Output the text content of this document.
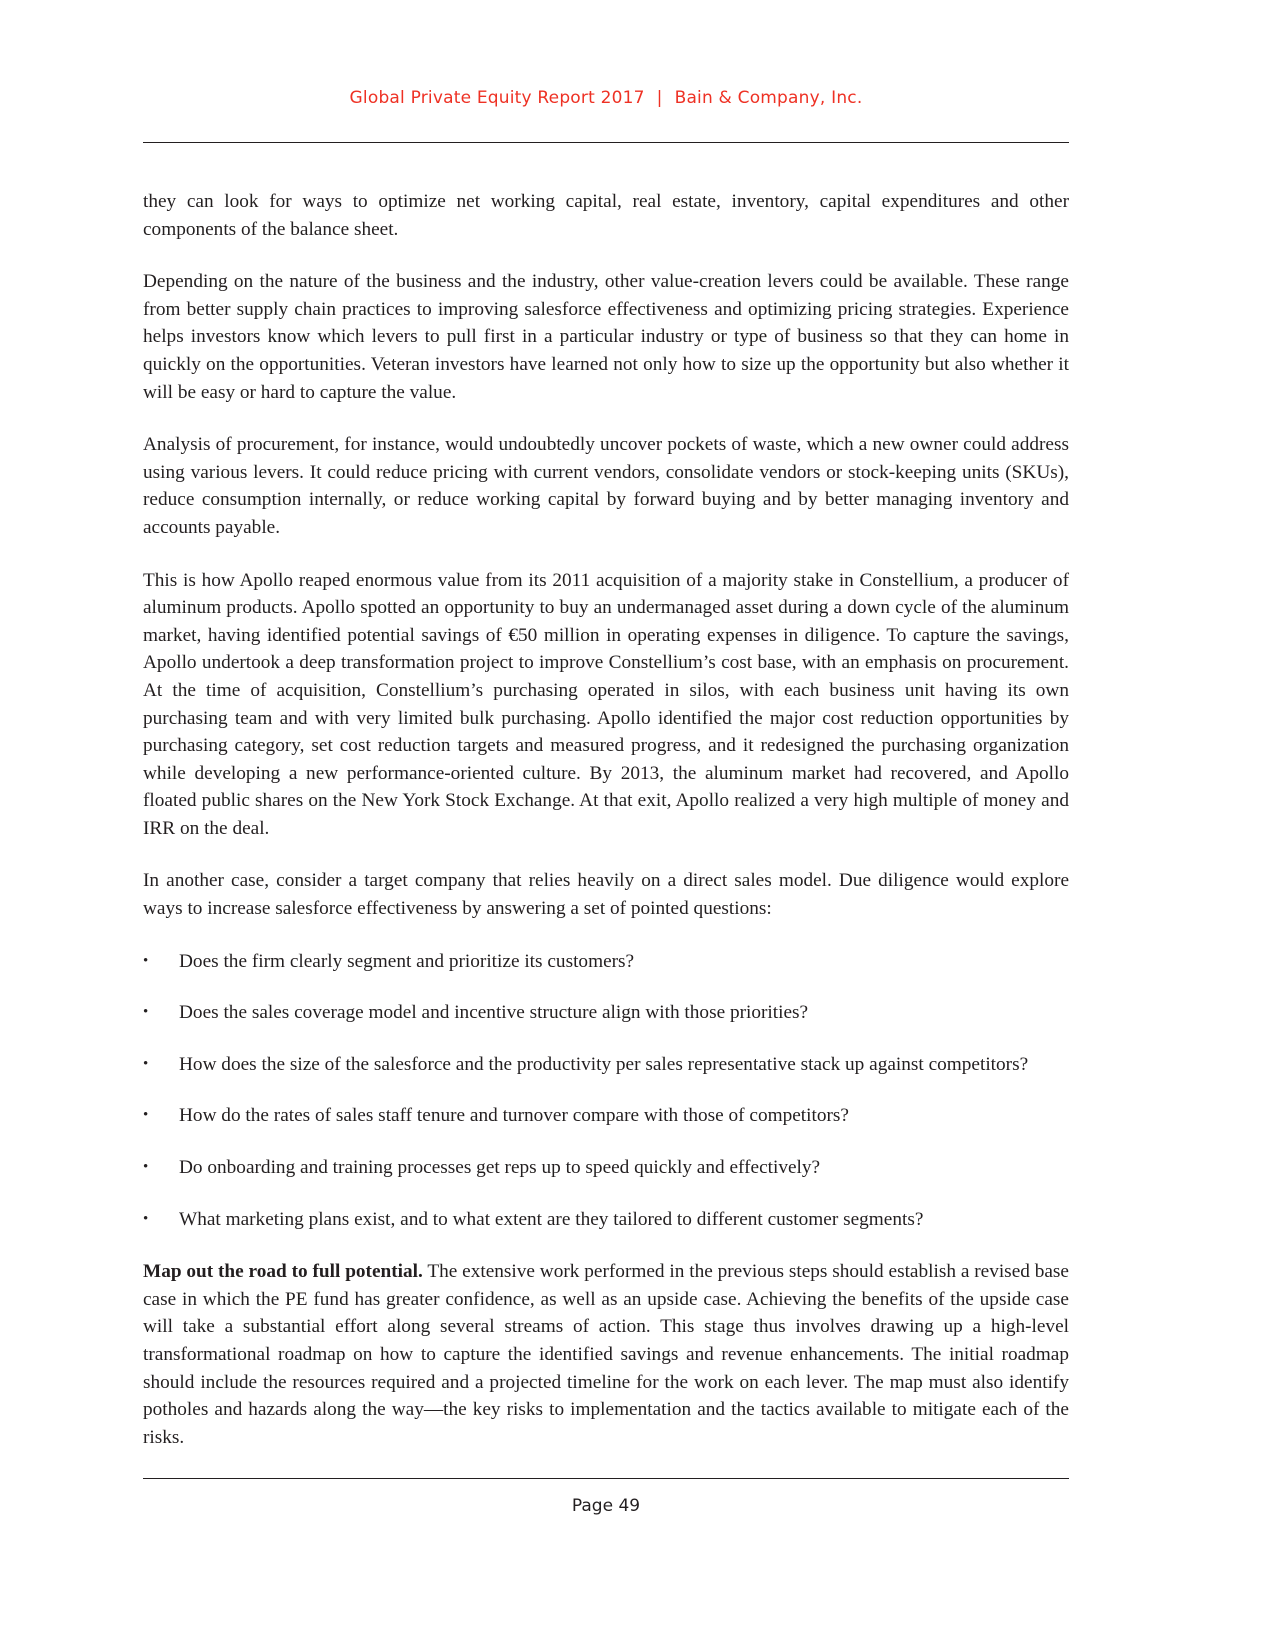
Global Private Equity Report 2017 | Bain & Company, Inc.

they can look for ways to optimize net working capital, real estate, inventory, capital expenditures and other components of the balance sheet.

Depending on the nature of the business and the industry, other value-creation levers could be available. These range from better supply chain practices to improving salesforce effectiveness and optimizing pricing strategies. Experience helps investors know which levers to pull first in a particular industry or type of business so that they can home in quickly on the opportunities. Veteran investors have learned not only how to size up the opportunity but also whether it will be easy or hard to capture the value.

Analysis of procurement, for instance, would undoubtedly uncover pockets of waste, which a new owner could address using various levers. It could reduce pricing with current vendors, consolidate vendors or stock-keeping units (SKUs), reduce consumption internally, or reduce working capital by forward buying and by better managing inventory and accounts payable.

This is how Apollo reaped enormous value from its 2011 acquisition of a majority stake in Constellium, a producer of aluminum products. Apollo spotted an opportunity to buy an undermanaged asset during a down cycle of the aluminum market, having identified potential savings of €50 million in operating expenses in diligence. To capture the savings, Apollo undertook a deep transformation project to improve Constellium’s cost base, with an emphasis on procurement. At the time of acquisition, Constellium’s purchasing operated in silos, with each business unit having its own purchasing team and with very limited bulk purchasing. Apollo identified the major cost reduction opportunities by purchasing category, set cost reduction targets and measured progress, and it redesigned the purchasing organization while developing a new performance-oriented culture. By 2013, the aluminum market had recovered, and Apollo floated public shares on the New York Stock Exchange. At that exit, Apollo realized a very high multiple of money and IRR on the deal.

In another case, consider a target company that relies heavily on a direct sales model. Due diligence would explore ways to increase salesforce effectiveness by answering a set of pointed questions:

• Does the firm clearly segment and prioritize its customers?
• Does the sales coverage model and incentive structure align with those priorities?
• How does the size of the salesforce and the productivity per sales representative stack up against competitors?
• How do the rates of sales staff tenure and turnover compare with those of competitors?
• Do onboarding and training processes get reps up to speed quickly and effectively?
• What marketing plans exist, and to what extent are they tailored to different customer segments?

Map out the road to full potential. The extensive work performed in the previous steps should establish a revised base case in which the PE fund has greater confidence, as well as an upside case. Achieving the benefits of the upside case will take a substantial effort along several streams of action. This stage thus involves drawing up a high-level transformational roadmap on how to capture the identified savings and revenue enhancements. The initial roadmap should include the resources required and a projected timeline for the work on each lever. The map must also identify potholes and hazards along the way—the key risks to implementation and the tactics available to mitigate each of the risks.

Page 49
